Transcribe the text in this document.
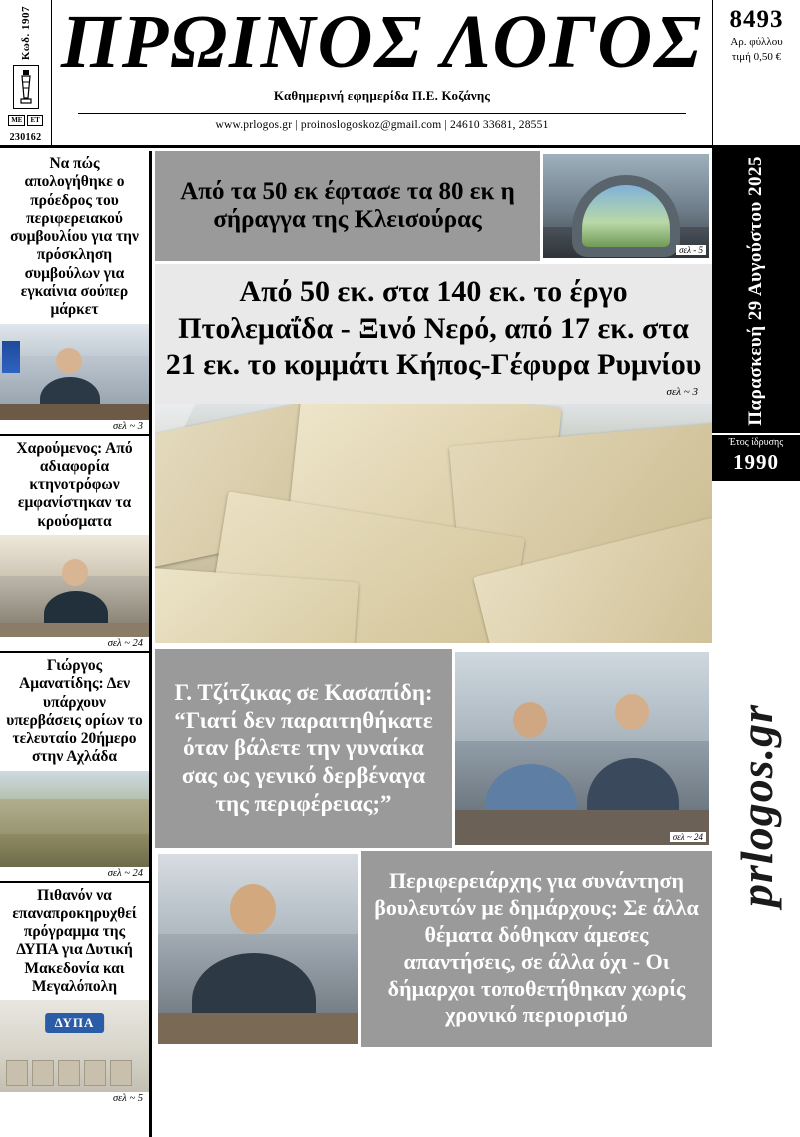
Κωδ. 1907
ΜΕ	ΕΤ
230162
ΠΡΩΙΝΟΣ ΛΟΓΟΣ
Καθημερινή εφημερίδα Π.Ε. Κοζάνης
www.prlogos.gr | proinoslogoskoz@gmail.com | 24610 33681, 28551
8493
Αρ. φύλλου
τιμή 0,50 €
Παρασκευή 29 Αυγούστου 2025
Έτος ίδρυσης
1990
prlogos.gr
Να πώς απολογήθηκε ο πρόεδρος του περιφερειακού συμβουλίου για την πρόσκληση συμβούλων για εγκαίνια σούπερ μάρκετ
σελ ~ 3
Χαρούμενος: Από αδιαφορία κτηνοτρόφων εμφανίστηκαν τα κρούσματα
σελ ~ 24
Γιώργος Αμανατίδης: Δεν υπάρχουν υπερβάσεις ορίων το τελευταίο 20ήμερο στην Αχλάδα
σελ ~ 24
Πιθανόν να επαναπροκηρυχθεί πρόγραμμα της ΔΥΠΑ για Δυτική Μακεδονία και Μεγαλόπολη
ΔΥΠΑ
σελ ~ 5
Από τα 50 εκ έφτασε τα 80 εκ η σήραγγα της Κλεισούρας
σελ - 5
Από 50 εκ. στα 140 εκ. το έργο Πτολεμαΐδα - Ξινό Νερό, από 17 εκ. στα 21 εκ. το κομμάτι Κήπος-Γέφυρα Ρυμνίου
σελ ~ 3
Γ. Τζίτζικας σε Κασαπίδη: “Γιατί δεν παραιτηθήκατε όταν βάλετε την γυναίκα σας ως γενικό δερβέναγα της περιφέρειας;”
σελ ~ 24
Περιφερειάρχης για συνάντηση βουλευτών με δημάρχους: Σε άλλα θέματα δόθηκαν άμεσες απαντήσεις, σε άλλα όχι - Οι δήμαρχοι τοποθετήθηκαν χωρίς χρονικό περιορισμό
